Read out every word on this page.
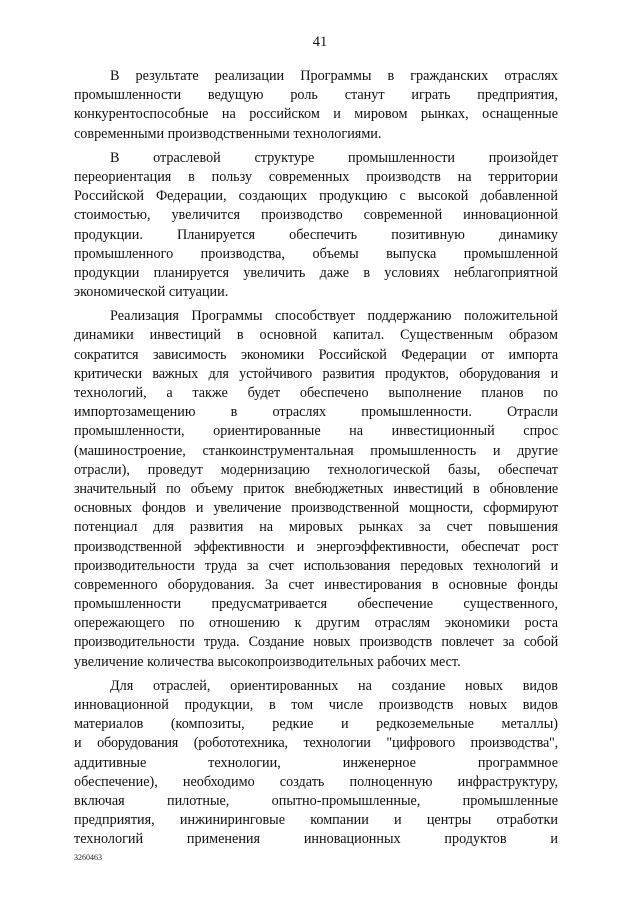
41
В результате реализации Программы в гражданских отраслях
промышленности ведущую роль станут играть предприятия,
конкурентоспособные на российском и мировом рынках, оснащенные
современными производственными технологиями.
В отраслевой структуре промышленности произойдет
переориентация в пользу современных производств на территории
Российской Федерации, создающих продукцию с высокой добавленной
стоимостью, увеличится производство современной инновационной
продукции. Планируется обеспечить позитивную динамику
промышленного производства, объемы выпуска промышленной
продукции планируется увеличить даже в условиях неблагоприятной
экономической ситуации.
Реализация Программы способствует поддержанию положительной
динамики инвестиций в основной капитал. Существенным образом
сократится зависимость экономики Российской Федерации от импорта
критически важных для устойчивого развития продуктов, оборудования и
технологий, а также будет обеспечено выполнение планов по
импортозамещению в отраслях промышленности. Отрасли
промышленности, ориентированные на инвестиционный спрос
(машиностроение, станкоинструментальная промышленность и другие
отрасли), проведут модернизацию технологической базы, обеспечат
значительный по объему приток внебюджетных инвестиций в обновление
основных фондов и увеличение производственной мощности, сформируют
потенциал для развития на мировых рынках за счет повышения
производственной эффективности и энергоэффективности, обеспечат рост
производительности труда за счет использования передовых технологий и
современного оборудования. За счет инвестирования в основные фонды
промышленности предусматривается обеспечение существенного,
опережающего по отношению к другим отраслям экономики роста
производительности труда. Создание новых производств повлечет за собой
увеличение количества высокопроизводительных рабочих мест.
Для отраслей, ориентированных на создание новых видов
инновационной продукции, в том числе производств новых видов
материалов (композиты, редкие и редкоземельные металлы)
и оборудования (робототехника, технологии "цифрового производства",
аддитивные технологии, инженерное программное
обеспечение), необходимо создать полноценную инфраструктуру,
включая пилотные, опытно-промышленные, промышленные
предприятия, инжиниринговые компании и центры отработки
технологий применения инновационных продуктов и
3260463
